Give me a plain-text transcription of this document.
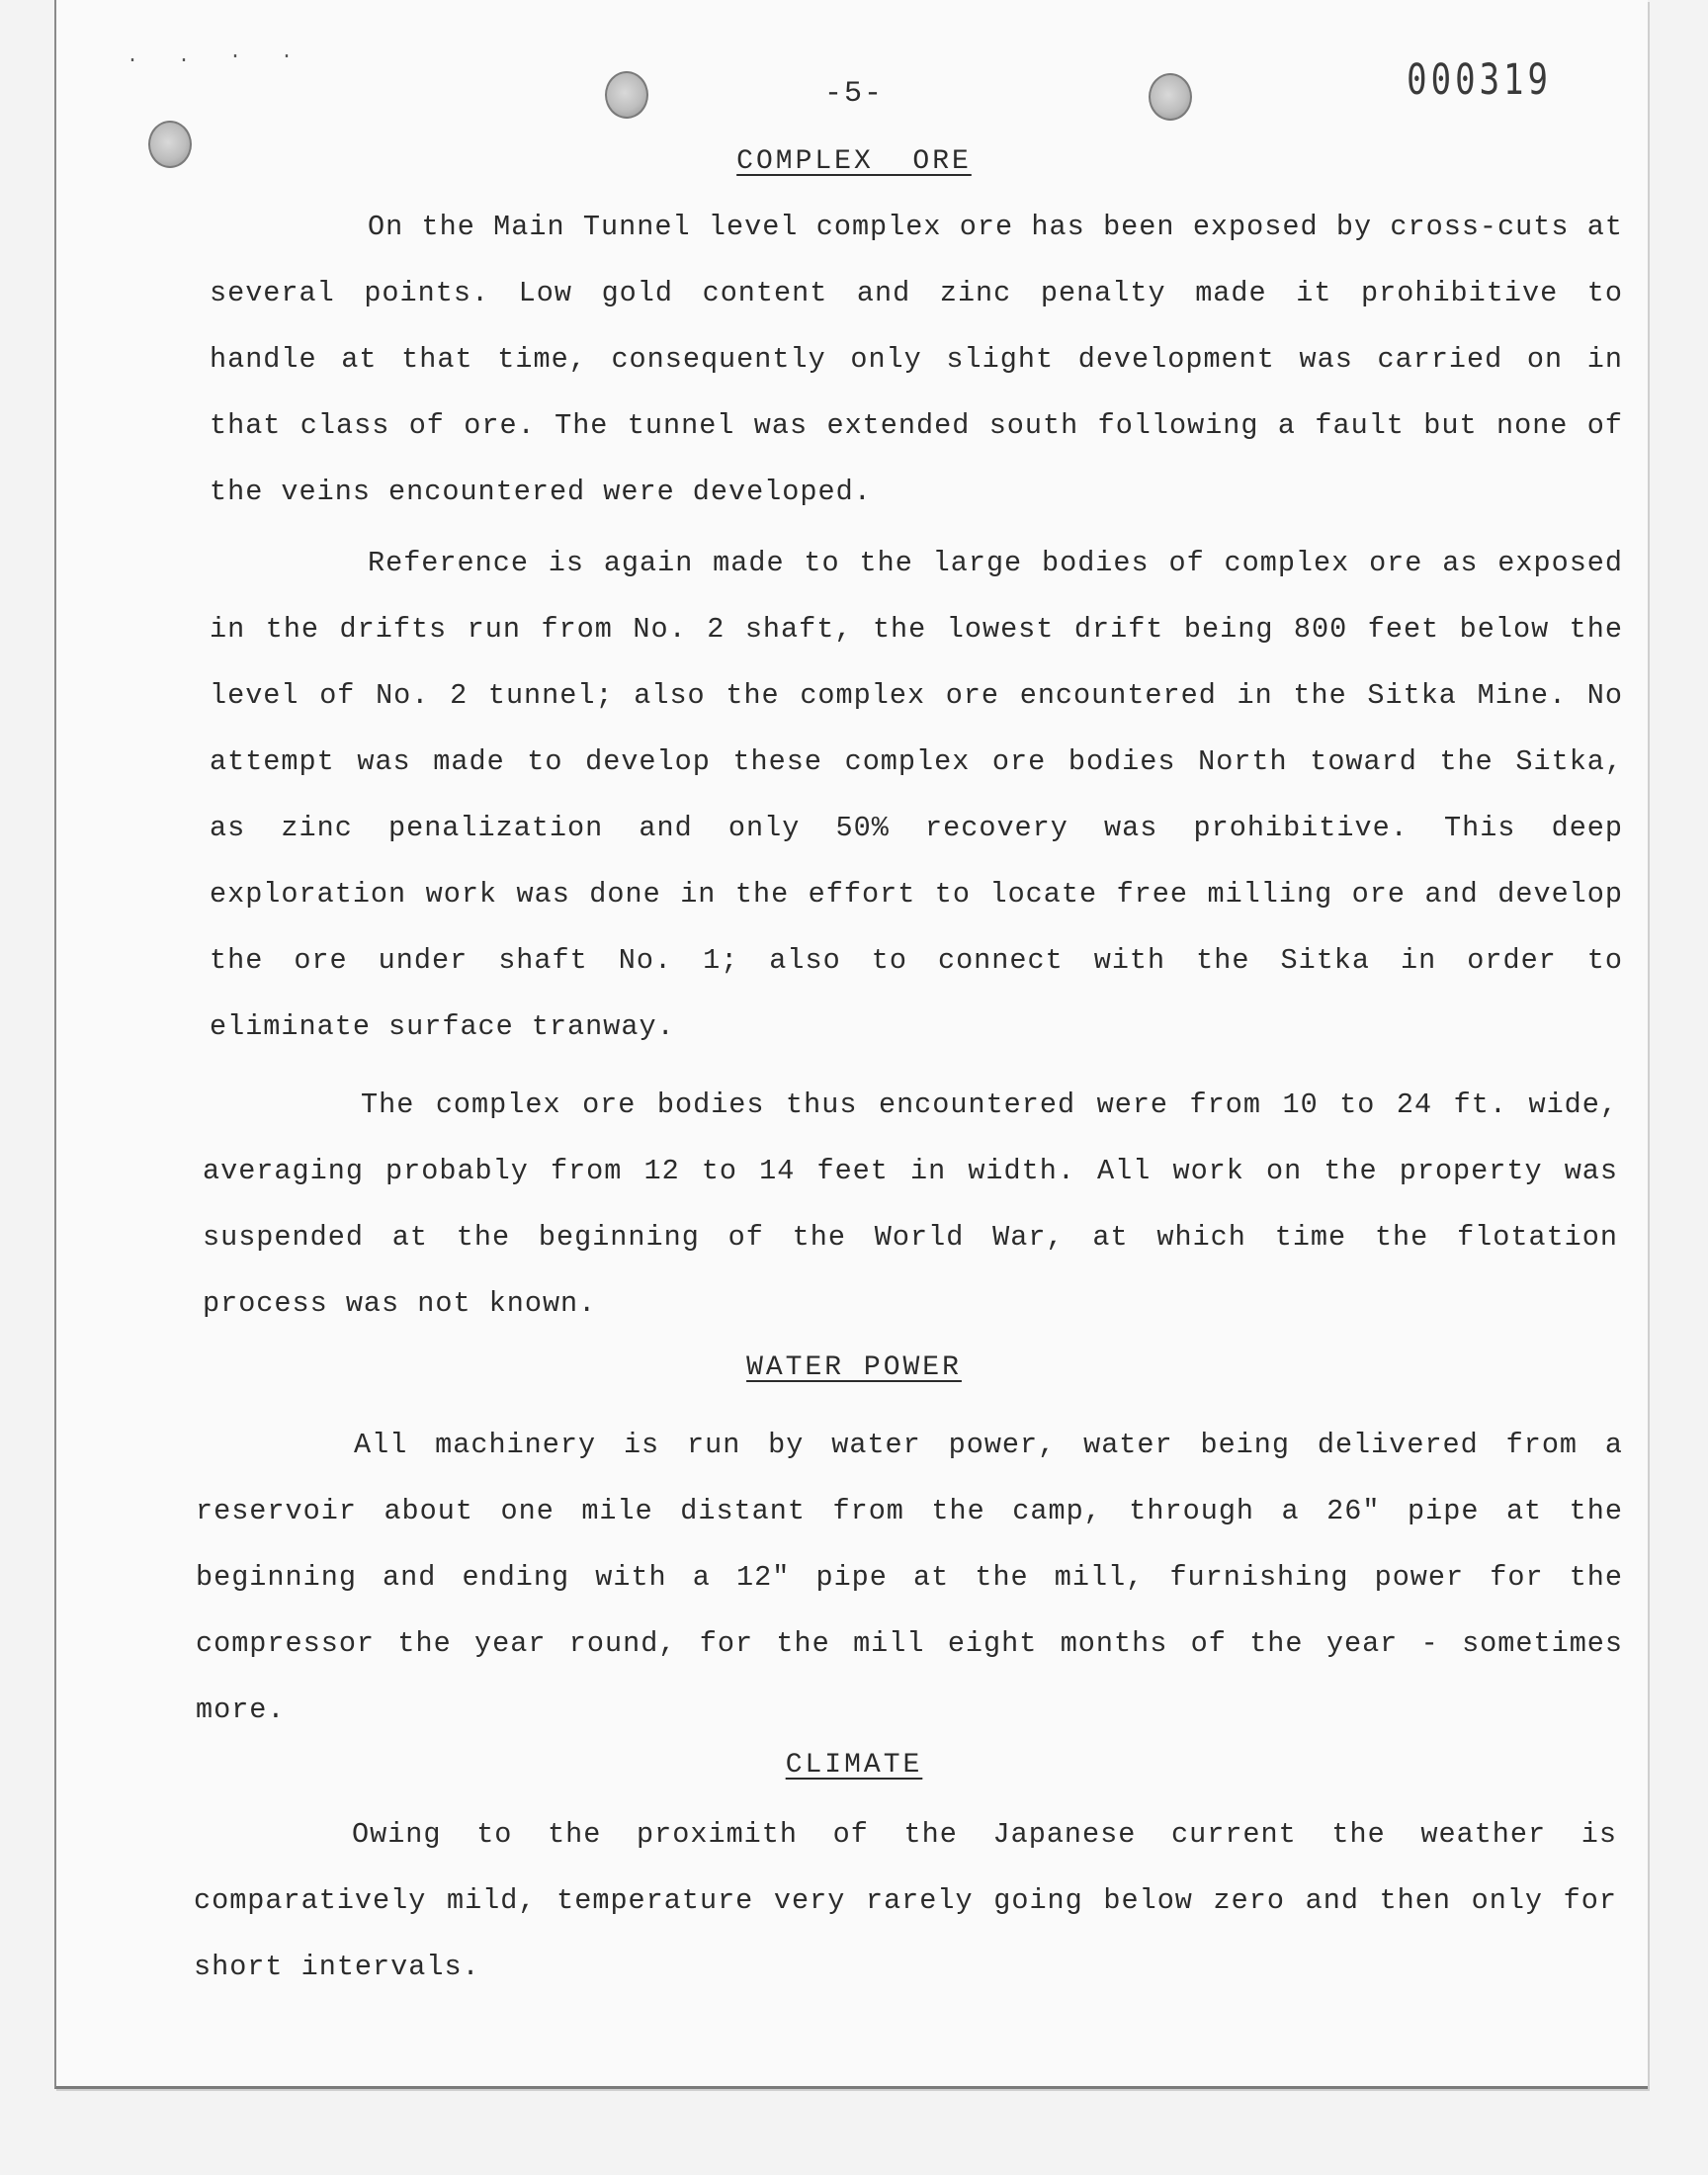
. . · ·
-5-	000319
COMPLEX  ORE

On the Main Tunnel level complex ore has been exposed by cross-cuts at several points. Low gold content and zinc penalty made it prohibitive to handle at that time, consequently only slight development was carried on in that class of ore. The tunnel was extended south following a fault but none of the veins encountered were developed.

Reference is again made to the large bodies of complex ore as exposed in the drifts run from No. 2 shaft, the lowest drift being 800 feet below the level of No. 2 tunnel; also the complex ore encountered in the Sitka Mine. No attempt was made to develop these complex ore bodies North toward the Sitka, as zinc penalization and only 50% recovery was prohibitive. This deep exploration work was done in the effort to locate free milling ore and develop the ore under shaft No. 1; also to connect with the Sitka in order to eliminate surface tranway.

The complex ore bodies thus encountered were from 10 to 24 ft. wide, averaging probably from 12 to 14 feet in width. All work on the property was suspended at the beginning of the World War, at which time the flotation process was not known.

WATER POWER

All machinery is run by water power, water being delivered from a reservoir about one mile distant from the camp, through a 26" pipe at the beginning and ending with a 12" pipe at the mill, furnishing power for the compressor the year round, for the mill eight months of the year - sometimes more.

CLIMATE

Owing to the proximith of the Japanese current the weather is comparatively mild, temperature very rarely going below zero and then only for short intervals.
